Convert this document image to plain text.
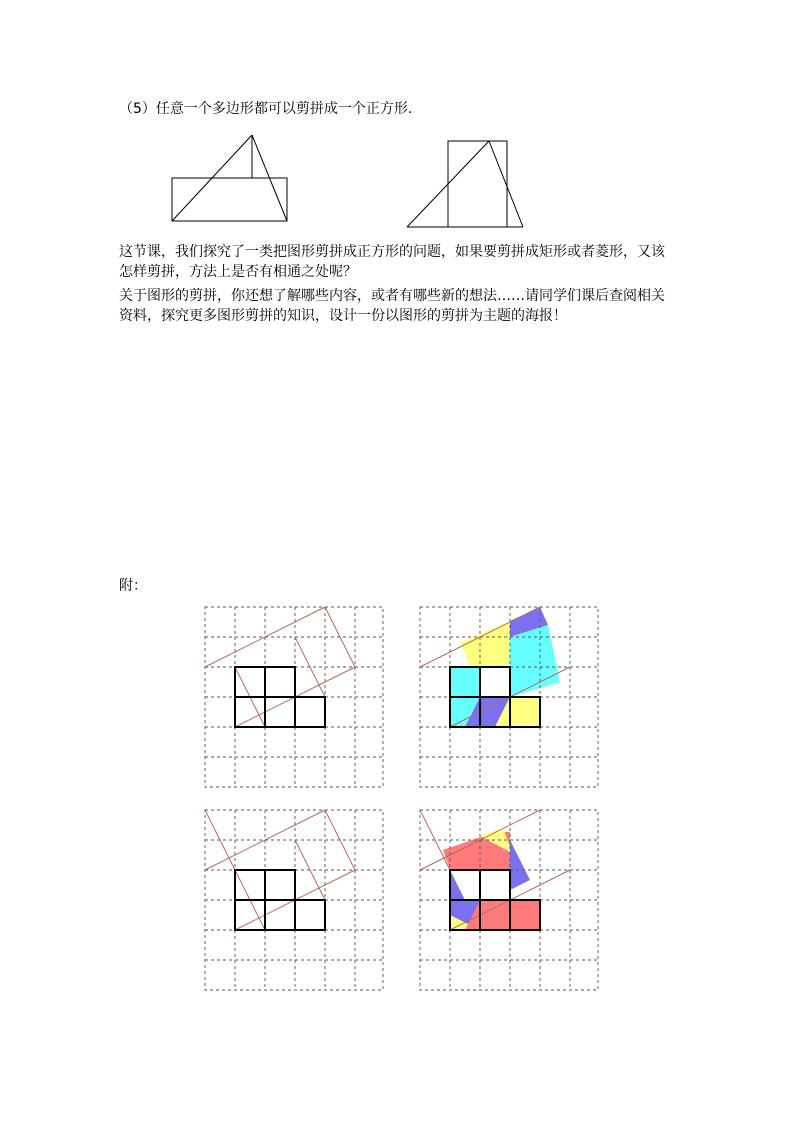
（5）任意一个多边形都可以剪拼成一个正方形.
这节课，我们探究了一类把图形剪拼成正方形的问题，如果要剪拼成矩形或者菱形，又该
怎样剪拼，方法上是否有相通之处呢？
关于图形的剪拼，你还想了解哪些内容，或者有哪些新的想法……请同学们课后查阅相关
资料，探究更多图形剪拼的知识，设计一份以图形的剪拼为主题的海报！
附：
